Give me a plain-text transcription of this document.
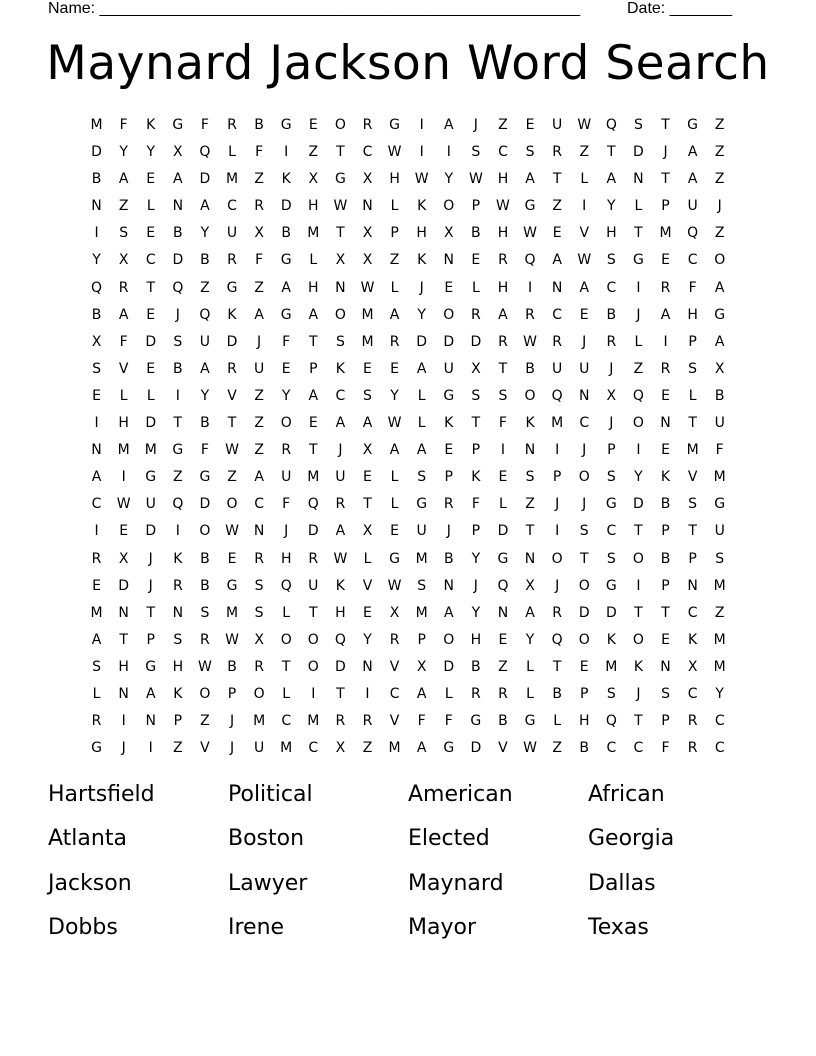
Name: ______________________________________________________	Date: _______
Maynard Jackson Word Search
M	F	K	G	F	R	B	G	E	O	R	G	I	A	J	Z	E	U	W	Q	S	T	G	Z
D	Y	Y	X	Q	L	F	I	Z	T	C	W	I	I	S	C	S	R	Z	T	D	J	A	Z
B	A	E	A	D	M	Z	K	X	G	X	H	W	Y	W	H	A	T	L	A	N	T	A	Z
N	Z	L	N	A	C	R	D	H	W	N	L	K	O	P	W	G	Z	I	Y	L	P	U	J
I	S	E	B	Y	U	X	B	M	T	X	P	H	X	B	H	W	E	V	H	T	M	Q	Z
Y	X	C	D	B	R	F	G	L	X	X	Z	K	N	E	R	Q	A	W	S	G	E	C	O
Q	R	T	Q	Z	G	Z	A	H	N	W	L	J	E	L	H	I	N	A	C	I	R	F	A
B	A	E	J	Q	K	A	G	A	O	M	A	Y	O	R	A	R	C	E	B	J	A	H	G
X	F	D	S	U	D	J	F	T	S	M	R	D	D	D	R	W	R	J	R	L	I	P	A
S	V	E	B	A	R	U	E	P	K	E	E	A	U	X	T	B	U	U	J	Z	R	S	X
E	L	L	I	Y	V	Z	Y	A	C	S	Y	L	G	S	S	O	Q	N	X	Q	E	L	B
I	H	D	T	B	T	Z	O	E	A	A	W	L	K	T	F	K	M	C	J	O	N	T	U
N	M	M	G	F	W	Z	R	T	J	X	A	A	E	P	I	N	I	J	P	I	E	M	F
A	I	G	Z	G	Z	A	U	M	U	E	L	S	P	K	E	S	P	O	S	Y	K	V	M
C	W	U	Q	D	O	C	F	Q	R	T	L	G	R	F	L	Z	J	J	G	D	B	S	G
I	E	D	I	O	W	N	J	D	A	X	E	U	J	P	D	T	I	S	C	T	P	T	U
R	X	J	K	B	E	R	H	R	W	L	G	M	B	Y	G	N	O	T	S	O	B	P	S
E	D	J	R	B	G	S	Q	U	K	V	W	S	N	J	Q	X	J	O	G	I	P	N	M
M	N	T	N	S	M	S	L	T	H	E	X	M	A	Y	N	A	R	D	D	T	T	C	Z
A	T	P	S	R	W	X	O	O	Q	Y	R	P	O	H	E	Y	Q	O	K	O	E	K	M
S	H	G	H	W	B	R	T	O	D	N	V	X	D	B	Z	L	T	E	M	K	N	X	M
L	N	A	K	O	P	O	L	I	T	I	C	A	L	R	R	L	B	P	S	J	S	C	Y
R	I	N	P	Z	J	M	C	M	R	R	V	F	F	G	B	G	L	H	Q	T	P	R	C
G	J	I	Z	V	J	U	M	C	X	Z	M	A	G	D	V	W	Z	B	C	C	F	R	C
Hartsfield	Political	American	African
Atlanta	Boston	Elected	Georgia
Jackson	Lawyer	Maynard	Dallas
Dobbs	Irene	Mayor	Texas
